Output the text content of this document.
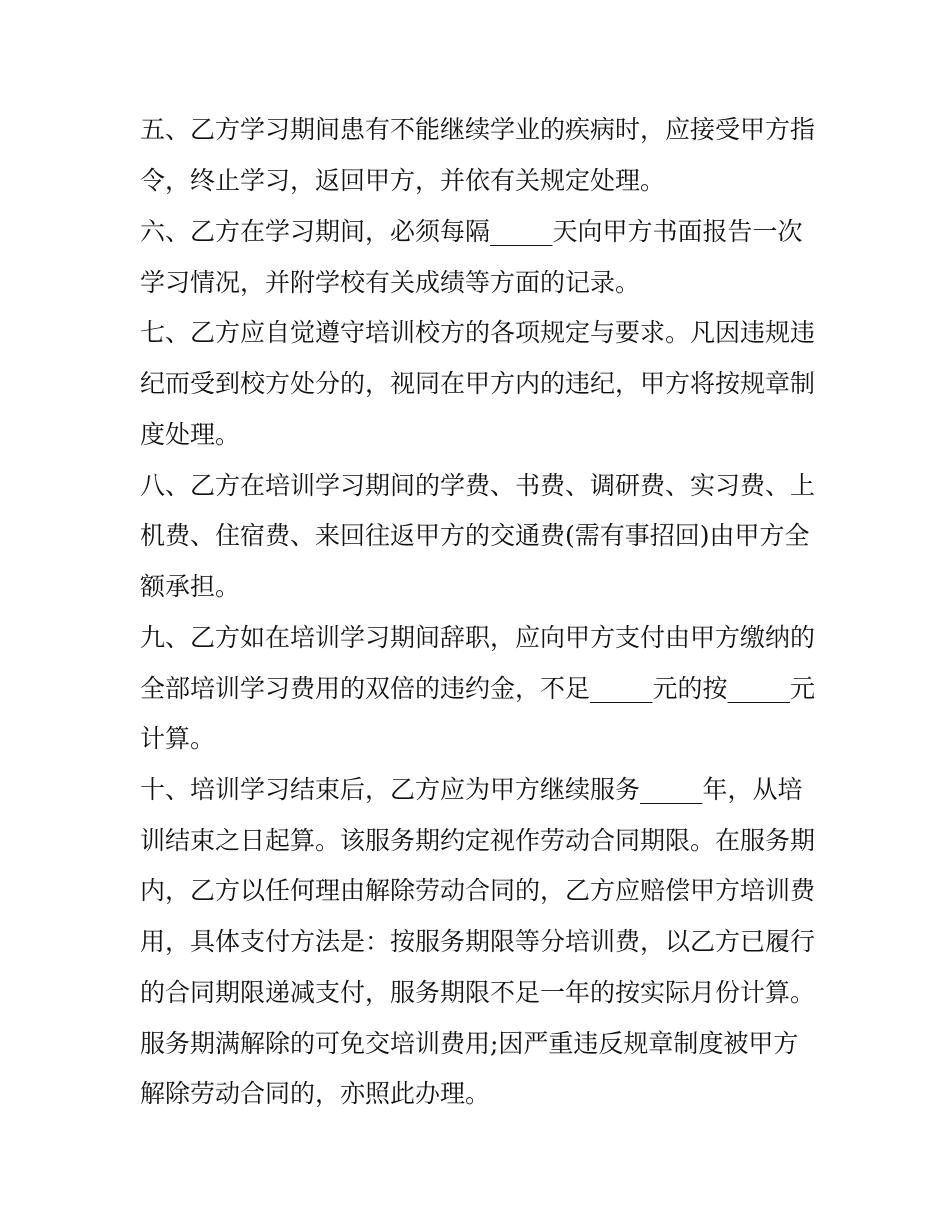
五、乙方学习期间患有不能继续学业的疾病时，应接受甲方指
令，终止学习，返回甲方，并依有关规定处理。
六、乙方在学习期间，必须每隔_____天向甲方书面报告一次
学习情况，并附学校有关成绩等方面的记录。
七、乙方应自觉遵守培训校方的各项规定与要求。凡因违规违
纪而受到校方处分的，视同在甲方内的违纪，甲方将按规章制
度处理。
八、乙方在培训学习期间的学费、书费、调研费、实习费、上
机费、住宿费、来回往返甲方的交通费(需有事招回)由甲方全
额承担。
九、乙方如在培训学习期间辞职，应向甲方支付由甲方缴纳的
全部培训学习费用的双倍的违约金，不足_____元的按_____元
计算。
十、培训学习结束后，乙方应为甲方继续服务_____年，从培
训结束之日起算。该服务期约定视作劳动合同期限。在服务期
内，乙方以任何理由解除劳动合同的，乙方应赔偿甲方培训费
用，具体支付方法是：按服务期限等分培训费，以乙方已履行
的合同期限递减支付，服务期限不足一年的按实际月份计算。
服务期满解除的可免交培训费用;因严重违反规章制度被甲方
解除劳动合同的，亦照此办理。
